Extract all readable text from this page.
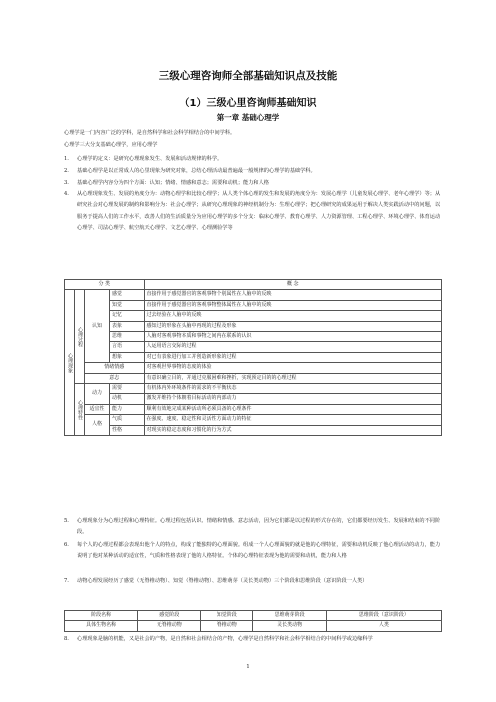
三级心理咨询师全部基础知识点及技能
（1）三级心里咨询师基础知识
第一章 基础心理学
心理学是一门内容广泛的学科，是自然科学和社会科学相结合的中间学科。
心理学三大分支基础心理学，应用心理学
1. 心理学的定义：是研究心理现象发生、发展和活动规律的科学。
2. 基础心理学是以正常成人的心里现象为研究对象，总结心理活动最普遍最一般规律的心理学的基础学科。
3. 基础心理学内容分为四个方面：认知；情绪、情感和意志；需要和动机；能力和人格
4. 从心理现象发生、发展的角度分为：动物心理学和比较心理学；从人类个体心理的发生和发展的角度分为：发展心理学（儿童发展心理学、老年心理学）等；从研究社会对心理发展的制约和影响分为：社会心理学；从研究心理现象的神经机制分为：生理心理学；把心理研究的成果运用于解决人类实践活动中的问题，以服务于提高人们的工作水平，改善人们的生活质量分为应用心理学的多个分支：临床心理学、教育心理学、人力资源管理、工程心理学、环境心理学、体育运动心理学、司法心理学、航空航天心理学、文艺心理学、心理测验学等
分 类				概 念
心理现象	心理过程	认知	感觉	直接作用于感觉器官的客观事物个别属性在人脑中的反映
			知觉	直接作用于感觉器官的客观事物整体属性在人脑中的反映
			记忆	过去经验在人脑中的反映
			表象	感知过的形象在头脑中再现的过程及形象
			思维	人脑对客观事物本质和事物之间内在联系的认识
			言语	人运用语言交际的过程
			想象	对已有表象进行加工并创造新形象的过程
		情绪情感		对客观世界事物的态度的体验
		意志		有意识确立目的，并通过克服困难和挫折，实现预定目的的心理过程
	心理特性	动力	需要	有机体内外环境条件的需求的不平衡状态
			动机	激发并维持个体朝着目标活动的内部动力
		适宜性	能力	顺利有效地完成某种活动所必须具备的心理条件
		人格	气质	在强度、速度、稳定性和灵活性方面动力的特征
			性格	对现实的稳定态度和习惯化的行为方式
5. 心理现象分为心理过程和心理特征。心理过程包括认识、情绪和情感、意志活动，因为它们都是以过程的形式存在的，它们都要经历发生、发展和结束的不同阶段。
6. 每个人的心理过程都会表现出他个人的特点，构成了能独特的心理面貌。组成一个人心理面貌的就是他的心理特征，需要和动机反映了他心理活动的动力，能力说明了他对某种活动的适宜性，气质和性格表现了他的人格特征。个体的心理特征表现为他的需要和动机，能力和人格
7. 动物心理发展经历了感觉（无脊椎动物）、知觉（脊椎动物）、思维萌芽（灵长类动物）三个阶段和思维阶段（意识阶段一人类）
阶段名称	感觉阶段	知觉阶段	思维萌芽阶段	思维阶段（意识阶段）
具体生物名称	无脊椎动物	脊椎动物	灵长类动物	人类
8. 心理现象是脑的机能，又是社会的产物，是自然和社会相结合的产物，心理学是自然科学和社会科学相结合的中间科学或边缘科学
1
